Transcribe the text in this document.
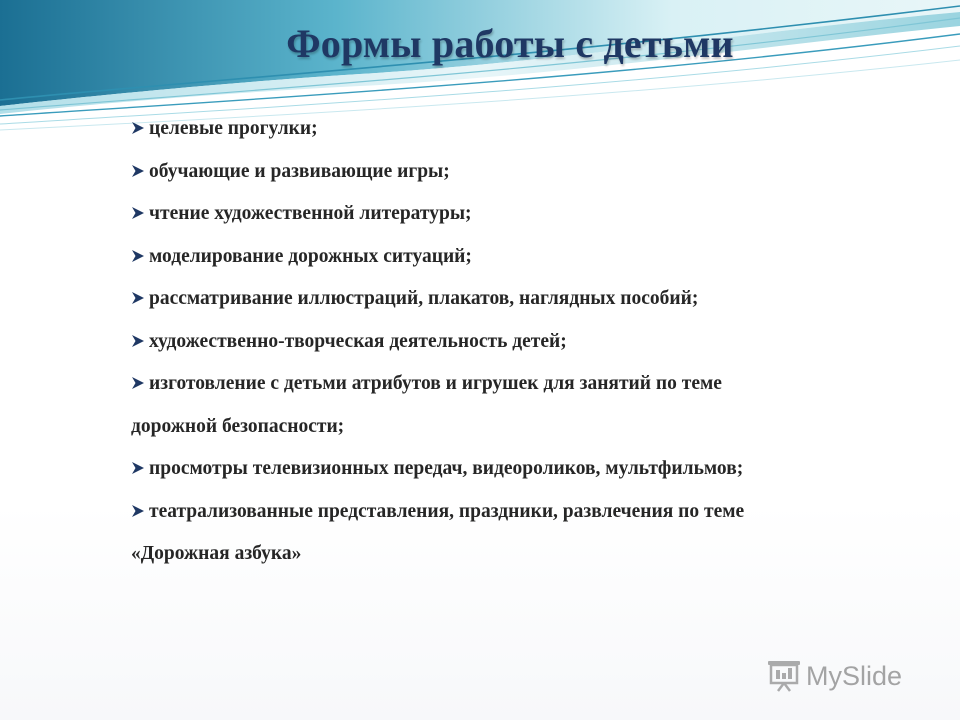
Формы работы с детьми
целевые прогулки;
обучающие и развивающие игры;
чтение художественной литературы;
моделирование дорожных ситуаций;
рассматривание иллюстраций, плакатов, наглядных пособий;
художественно-творческая деятельность детей;
изготовление с детьми атрибутов и игрушек для занятий по теме дорожной безопасности;
просмотры телевизионных передач, видеороликов, мультфильмов;
театрализованные представления, праздники, развлечения по теме «Дорожная азбука»
MySlide
